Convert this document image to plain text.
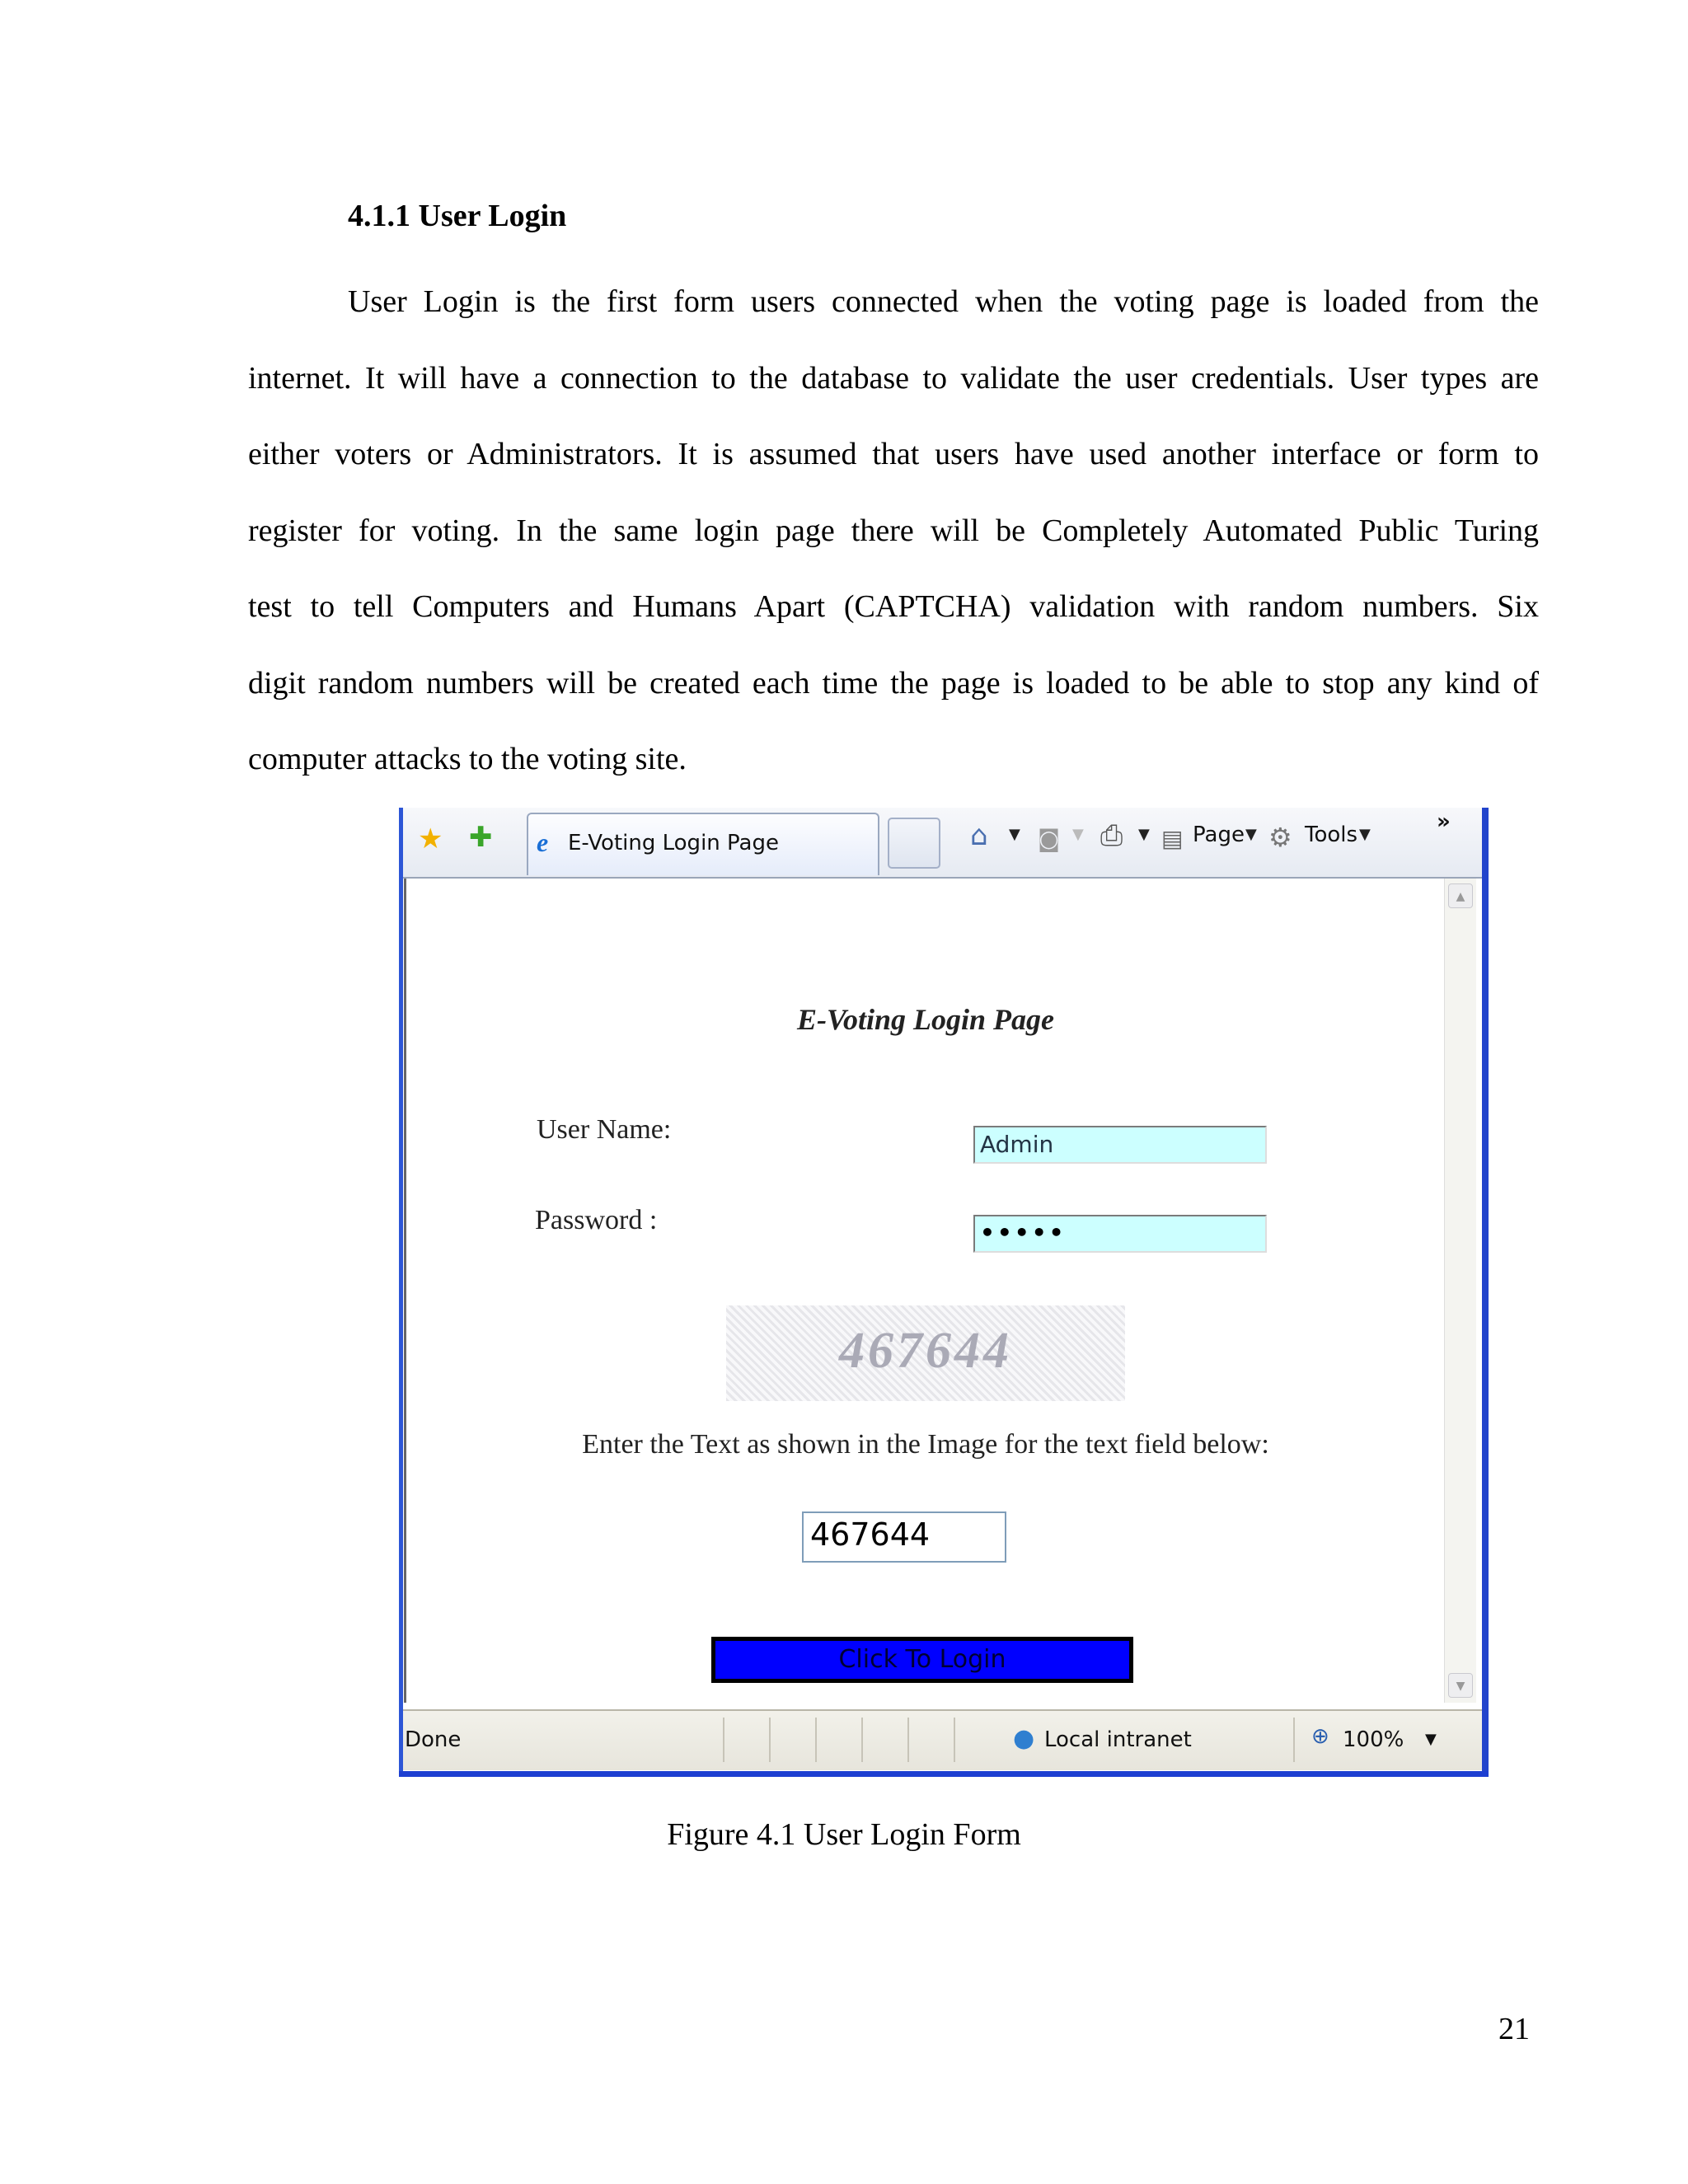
4.1.1 User Login
User Login is the first form users connected when the voting page is loaded from the
internet. It will have a connection to the database to validate the user credentials. User types are
either voters or Administrators. It is assumed that users have used another interface or form to
register for voting. In the same login page there will be Completely Automated Public Turing
test to tell Computers and Humans Apart (CAPTCHA) validation with random numbers. Six
digit random numbers will be created each time the page is loaded to be able to stop any kind of
computer attacks to the voting site.
★ ✚ e E-Voting Login Page	⌂ ▼ ◙ ▼ ⎙ ▼ ▤ Page ▼ ⚙ Tools ▼
»
E-Voting Login Page
User Name:	Admin
Password :	•••••
467644
Enter the Text as shown in the Image for the text field below:
467644
Click To Login
▲
▼
Done	● Local intranet	⊕ 100% ▼
Figure 4.1 User Login Form
21
